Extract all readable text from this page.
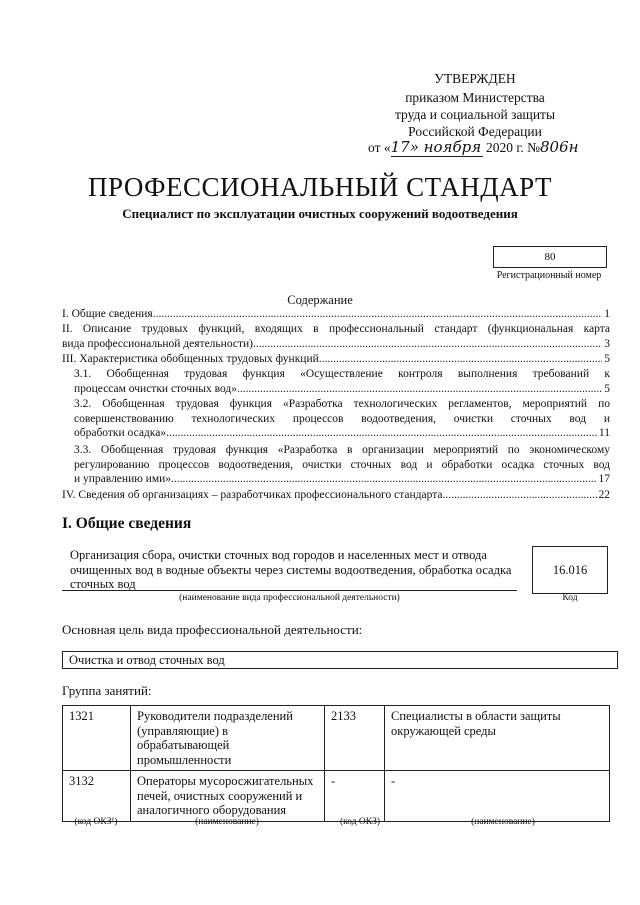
УТВЕРЖДЕН
приказом Министерства
труда и социальной защиты
Российской Федерации
от «17» ноября 2020 г. №806н
ПРОФЕССИОНАЛЬНЫЙ СТАНДАРТ
Специалист по эксплуатации очистных сооружений водоотведения
80
Регистрационный номер
Содержание
I. Общие сведения .....	1
II. Описание трудовых функций, входящих в профессиональный стандарт (функциональная карта
вида профессиональной деятельности) .....	3
III. Характеристика обобщенных трудовых функций .....	5
3.1. Обобщенная трудовая функция «Осуществление контроля выполнения требований к
процессам очистки сточных вод» .....	5
3.2. Обобщенная трудовая функция «Разработка технологических регламентов, мероприятий по
совершенствованию технологических процессов водоотведения, очистки сточных вод и
обработки осадка» .....	11
3.3. Обобщенная трудовая функция «Разработка в организации мероприятий по экономическому
регулированию процессов водоотведения, очистки сточных вод и обработки осадка сточных вод
и управлению ими» .....	17
IV. Сведения об организациях – разработчиках профессионального стандарта .....	22
I. Общие сведения
Организация сбора, очистки сточных вод городов и населенных мест и отвода очищенных вод в водные объекты через системы водоотведения, обработка осадка сточных вод
(наименование вида профессиональной деятельности)
16.016
Код
Основная цель вида профессиональной деятельности:
Очистка и отвод сточных вод
Группа занятий:
1321	Руководители подразделений (управляющие) в обрабатывающей промышленности	2133	Специалисты в области защиты окружающей среды
3132	Операторы мусоросжигательных печей, очистных сооружений и аналогичного оборудования	-	-
(код ОКЗ¹)	(наименование)	(код ОКЗ)	(наименование)
